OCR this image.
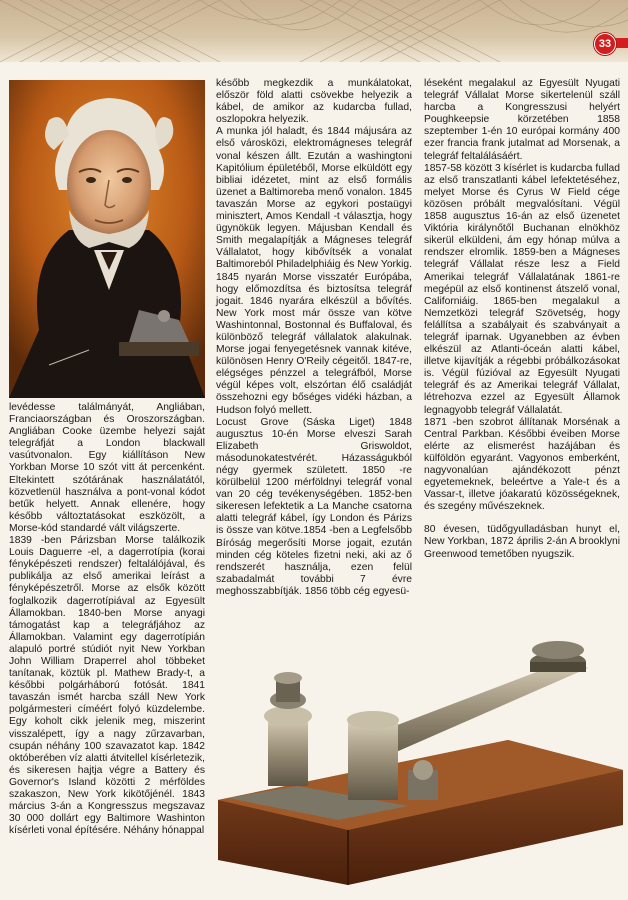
33

levédesse találmányát, Angliában, Franciaországban és Oroszországban. Angliában Cooke üzembe helyezi saját telegráfját a London blackwall vasútvonalon. Egy kiállításon New Yorkban Morse 10 szót vitt át percenként. Eltekintett szótárának használatától, közvetlenül használva a pont-vonal kódot betűk helyett. Annak ellenére, hogy később változtatásokat eszközölt, a Morse-kód standardé vált világszerte.

1839 -ben Párizsban Morse találkozik Louis Daguerre -el, a dagerrotípia (korai fényképészeti rendszer) feltalálójával, és publikálja az első amerikai leírást a fényképészetről. Morse az elsők között foglalkozik dagerrotípiával az Egyesült Államokban. 1840-ben Morse anyagi támogatást kap a telegráfjához az Államokban. Valamint egy dagerrotípián alapuló portré stúdiót nyit New Yorkban John William Draperrel ahol többeket tanítanak, köztük pl. Mathew Brady-t, a későbbi polgárháború fotósát. 1841 tavaszán ismét harcba száll New York polgármesteri címéért folyó küzdelembe. Egy koholt cikk jelenik meg, miszerint visszalépett, így a nagy zűrzavarban, csupán néhány 100 szavazatot kap. 1842 októberében víz alatti átvitellel kísérletezik, és sikeresen hajtja végre a Battery és Governor's Island közötti 2 mérföldes szakaszon, New York kikötőjénél. 1843 március 3-án a Kongresszus megszavaz 30 000 dollárt egy Baltimore Washinton kísérleti vonal építésére. Néhány hónappal

később megkezdik a munkálatokat, először föld alatti csövekbe helyezik a kábel, de amikor az kudarcba fullad, oszlopokra helyezik.

A munka jól haladt, és 1844 májusára az első városközi, elektromágneses telegráf vonal készen állt. Ezután a washingtoni Kapitólium épületéből, Morse elküldött egy bibliai idézetet, mint az első formális üzenet a Baltimoreba menő vonalon. 1845 tavaszán Morse az egykori postaügyi minisztert, Amos Kendall -t választja, hogy ügynökük legyen. Májusban Kendall és Smith megalapítják a Mágneses telegráf Vállalatot, hogy kibővítsék a vonalat Baltimoreból Philadelphiáig és New Yorkig. 1845 nyarán Morse visszatér Európába, hogy előmozdítsa és biztosítsa telegráf jogait. 1846 nyarára elkészül a bővítés. New York most már össze van kötve Washintonnal, Bostonnal és Buffaloval, és különböző telegráf vállalatok alakulnak. Morse jogai fenyegetésnek vannak kitéve, különösen Henry O'Reily cégeitől. 1847-re, elégséges pénzzel a telegráfból, Morse végül képes volt, elszórtan élő családját összehozni egy bőséges vidéki házban, a Hudson folyó mellett.

Locust Grove (Sáska Liget) 1848 augusztus 10-én Morse elveszi Sarah Elizabeth Griswoldot, másodunokatestvérét. Házasságukból négy gyermek született. 1850 -re körülbelül 1200 mérföldnyi telegráf vonal van 20 cég tevékenységében. 1852-ben sikeresen lefektetik a La Manche csatorna alatti telegráf kábel, így London és Párizs is össze van kötve.1854 -ben a Legfelsőbb Bíróság megerősíti Morse jogait, ezután minden cég köteles fizetni neki, aki az ő rendszerét használja, ezen felül szabadalmát további 7 évre meghosszabbítják. 1856 több cég egyesü-

léseként megalakul az Egyesült Nyugati telegráf Vállalat Morse sikertelenül száll harcba a Kongresszusi helyért Poughkeepsie körzetében 1858 szeptember 1-én 10 európai kormány 400 ezer francia frank jutalmat ad Morsenak, a telegráf feltalálásáért.

1857-58 között 3 kísérlet is kudarcba fullad az első transzatlanti kábel lefektetéséhez, melyet Morse és Cyrus W Field cége közösen próbált megvalósítani. Végül 1858 augusztus 16-án az első üzenetet Viktória királynőtől Buchanan elnökhöz sikerül elküldeni, ám egy hónap múlva a rendszer elromlik. 1859-ben a Mágneses telegráf Vállalat része lesz a Field Amerikai telegráf Vállalatának 1861-re megépül az első kontinenst átszelő vonal, Californiáig. 1865-ben megalakul a Nemzetközi telegráf Szövetség, hogy felállítsa a szabályait és szabványait a telegráf iparnak. Ugyanebben az évben elkészül az Atlanti-óceán alatti kábel, illetve kijavítják a régebbi próbálkozásokat is. Végül fúzióval az Egyesült Nyugati telegráf és az Amerikai telegráf Vállalat, létrehozva ezzel az Egyesült Államok legnagyobb telegráf Vállalatát.

1871 -ben szobrot állítanak Morsénak a Central Parkban. Későbbi éveiben Morse elérte az elismerést hazájában és külföldön egyaránt. Vagyonos emberként, nagyvonalúan ajándékozott pénzt egyetemeknek, beleértve a Yale-t és a Vassar-t, illetve jóakaratú közösségeknek, és szegény művészeknek.

80 évesen, tüdőgyulladásban hunyt el, New Yorkban, 1872 április 2-án A brooklyni Greenwood temetőben nyugszik.
